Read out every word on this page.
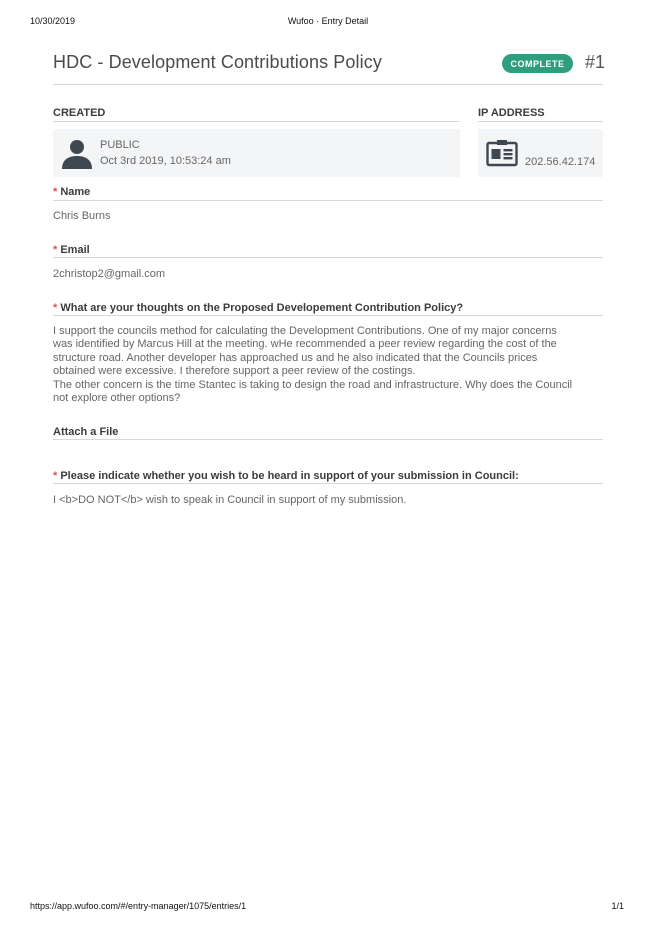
10/30/2019	Wufoo · Entry Detail
HDC - Development Contributions Policy	COMPLETE	#1
CREATED	IP ADDRESS
PUBLIC
Oct 3rd 2019, 10:53:24 am	202.56.42.174
* Name
Chris Burns
* Email
2christop2@gmail.com
* What are your thoughts on the Proposed Developement Contribution Policy?
I support the councils method for calculating the Development Contributions. One of my major concerns
was identified by Marcus Hill at the meeting. wHe recommended a peer review regarding the cost of the
structure road. Another developer has approached us and he also indicated that the Councils prices
obtained were excessive. I therefore support a peer review of the costings.
The other concern is the time Stantec is taking to design the road and infrastructure. Why does the Council
not explore other options?
Attach a File
* Please indicate whether you wish to be heard in support of your submission in Council:
I <b>DO NOT</b> wish to speak in Council in support of my submission.
https://app.wufoo.com/#/entry-manager/1075/entries/1	1/1
